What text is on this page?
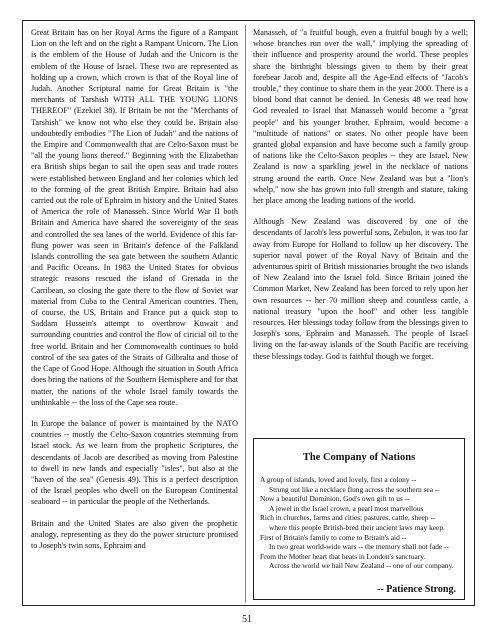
Great Britain has on her Royal Arms the figure of a Rampant Lion on the left and on the right a Rampant Unicorn. The Lion is the emblem of the House of Judah and the Unicorn is the emblem of the House of Israel. These two are represented as holding up a crown, which crown is that of the Royal line of Judah. Another Scriptural name for Great Britain is "the merchants of Tarshish WITH ALL THE YOUNG LIONS THEREOF" (Ezekiel 38). If Britain be not the "Merchants of Tarshish" we know not who else they could be. Britain also undoubtedly embodies "The Lion of Judah" and the nations of the Empire and Commonwealth that are Celto-Saxon must be "all the young lions thereof." Beginning with the Elizabethan era British ships began to sail the open seas and trade routes were established between England and her colonies which led to the forming of the great British Empire. Britain had also carried out the role of Ephraim in history and the United States of America the role of Manasseh. Since World War II both Britain and America have shared the sovereignty of the seas and controlled the sea lanes of the world. Evidence of this far-flung power was seen in Britain's defence of the Falkland Islands controlling the sea gate between the southern Atlantic and Pacific Oceans. In 1983 the United States for obvious strategic reasons rescued the island of Grenada in the Carribean, so closing the gate there to the flow of Soviet war material from Cuba to the Central American countries. Then, of course, the US, Britain and France put a quick stop to Saddam Hussein's attempt to overthrow Kuwait and surrounding countries and control the flow of ciricial oil to the free world. Britain and her Commonwealth continues to hold control of the sea gates of the Straits of Gilbralta and those of the Cape of Good Hope. Although the situation in South Africa does bring the nations of the Southern Hemisphere and for that matter, the nations of the whole Israel family towards the unthinkable -- the loss of the Cape sea route.

In Europe the balance of power is maintained by the NATO countries -- mostly the Celto-Saxon countries stemming from Israel stock. As we learn from the prophetic Scriptures, the descendants of Jacob are described as moving from Palestine to dwell in new lands and especially "isles", but also at the "haven of the sea" (Genesis 49). This is a perfect description of the Israel peoples who dwell on the European Continental seaboard -- in particular the people of the Netherlands.

Britain and the United States are also given the prophetic analogy, representing as they do the power structure promised to Joseph's twin sons, Ephraim and

Manasseh, of "a fruitful bough, even a fruitful bough by a well; whose branches run over the wall," implying the spreading of their influence and prosperity around the world. These peoples share the birthright blessings given to them by their great forebear Jacob and, despite all the Age-End effects of "Jacob's trouble," they continue to share them in the year 2000. There is a blood bond that cannot be denied. In Genesis 48 we read how God revealed to Israel that Manasseh would become a "great people" and his younger brother, Ephraim, would become a "multitude of nations" or states. No other people have been granted global expansion and have become such a family group of nations like the Celto-Saxon peoples -- they are Israel. New Zealand is now a sparkling jewel in the necklace of nations strung around the earth. Once New Zealand was but a "lion's whelp," now she has grown into full strength and stature, taking her place among the leading nations of the world.

Although New Zealand was discovered by one of the descendants of Jacob's less powerful sons, Zebulon, it was too far away from Europe for Holland to follow up her discovery. The superior naval power of the Royal Navy of Britain and the adventurous spirit of British missionaries brought the two islands of New Zealand into the Israel fold. Since Britain joined the Common Market, New Zealand has been forced to rely upon her own resources -- her 70 million sheep and countless cattle, a national treasury "upon the hoof" and other less tangible resources. Her blessings today follow from the blessings given to Joseph's sons, Ephraim and Manasseh. The people of Israel living on the far-away islands of the South Pacific are receiving these blessings today. God is faithful though we forget.

The Company of Nations
A group of islands, loved and lovely, first a colony --
Strung out like a necklace flung across the southern sea --
Now a beautiful Dominion, God's own gift to us --
A jewel in the Israel crown, a pearl most marvellous
Rich in churches, farms and cities; pastures, cattle, sheep --
where this people British-bred their ancient laws may keep.
First of Britain's family to come to Britain's aid --
In two great world-wide wars -- the memory shall not fade --
From the Mother heart that beats in London's sanctuary.
Across the world we hail New Zealand -- one of our company.
-- Patience Strong.
51
